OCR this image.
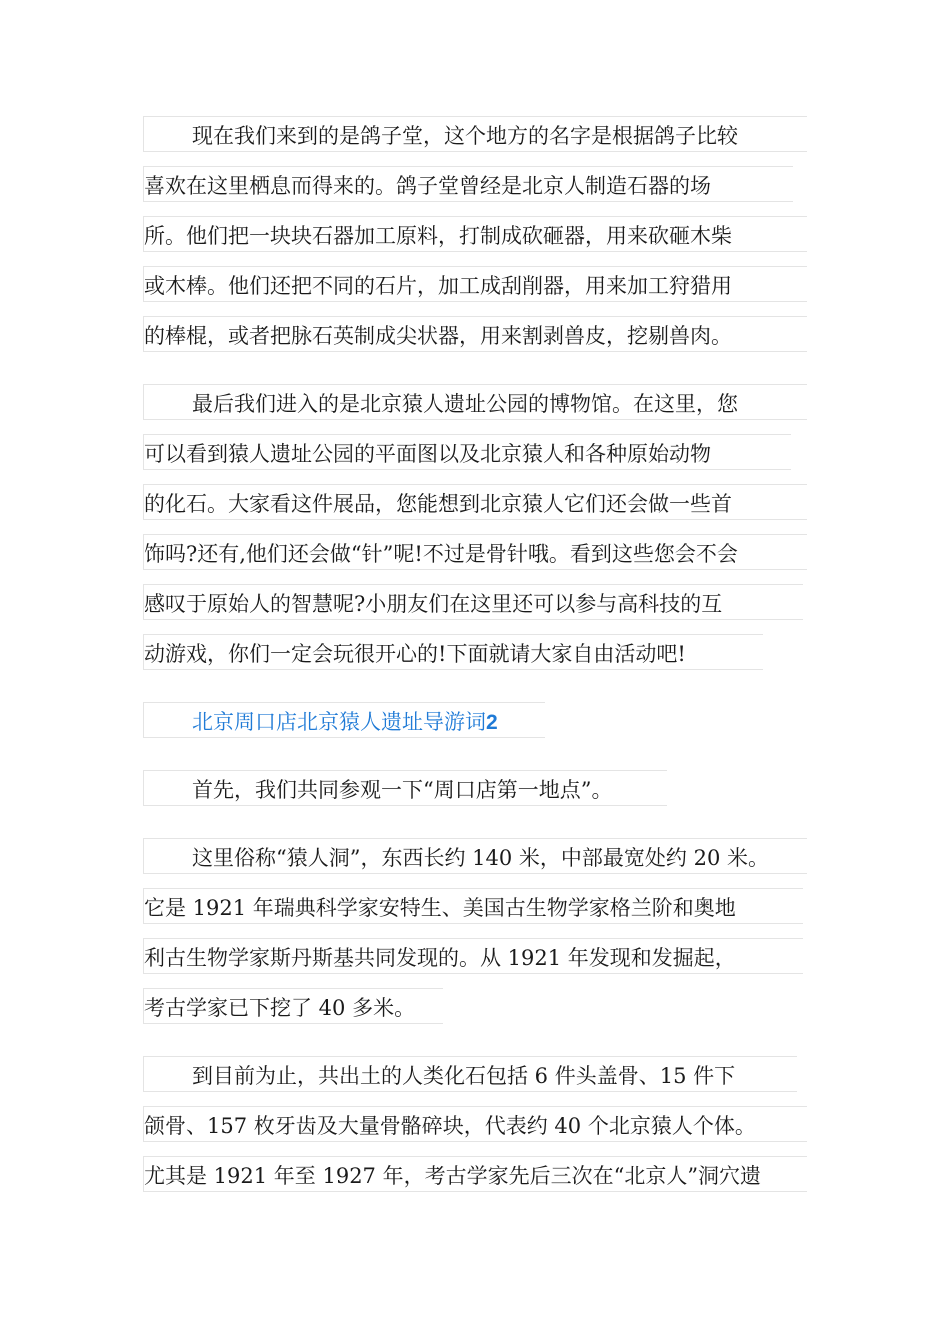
现在我们来到的是鸽子堂，这个地方的名字是根据鸽子比较
喜欢在这里栖息而得来的。鸽子堂曾经是北京人制造石器的场
所。他们把一块块石器加工原料，打制成砍砸器，用来砍砸木柴
或木棒。他们还把不同的石片，加工成刮削器，用来加工狩猎用
的棒棍，或者把脉石英制成尖状器，用来割剥兽皮，挖剔兽肉。
最后我们进入的是北京猿人遗址公园的博物馆。在这里，您
可以看到猿人遗址公园的平面图以及北京猿人和各种原始动物
的化石。大家看这件展品，您能想到北京猿人它们还会做一些首
饰吗?还有,他们还会做“针”呢!不过是骨针哦。看到这些您会不会
感叹于原始人的智慧呢?小朋友们在这里还可以参与高科技的互
动游戏，你们一定会玩很开心的!下面就请大家自由活动吧!
北京周口店北京猿人遗址导游词2
首先，我们共同参观一下“周口店第一地点”。
这里俗称“猿人洞”，东西长约 140 米，中部最宽处约 20 米。
它是 1921 年瑞典科学家安特生、美国古生物学家格兰阶和奥地
利古生物学家斯丹斯基共同发现的。从 1921 年发现和发掘起，
考古学家已下挖了 40 多米。
到目前为止，共出土的人类化石包括 6 件头盖骨、15 件下
颌骨、157 枚牙齿及大量骨骼碎块，代表约 40 个北京猿人个体。
尤其是 1921 年至 1927 年，考古学家先后三次在“北京人”洞穴遗
